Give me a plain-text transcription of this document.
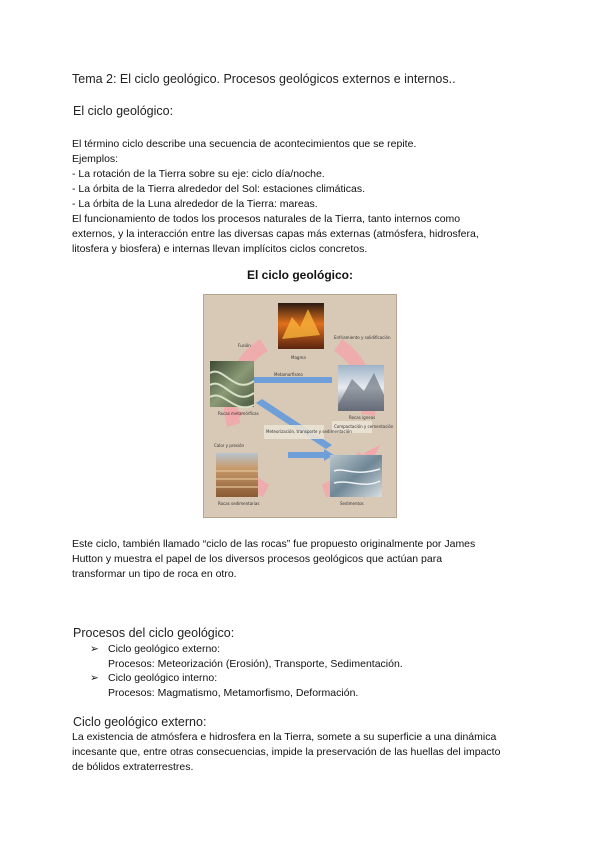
Tema 2: El ciclo geológico. Procesos geológicos externos e internos..
El ciclo geológico:
El término ciclo describe una secuencia de acontecimientos que se repite.
Ejemplos:
- La rotación de la Tierra sobre su eje: ciclo día/noche.
- La órbita de la Tierra alrededor del Sol: estaciones climáticas.
- La órbita de la Luna alrededor de la Tierra: mareas.
El funcionamiento de todos los procesos naturales de la Tierra, tanto internos como
externos, y la interacción entre las diversas capas más externas (atmósfera, hidrosfera,
litosfera y biosfera) e internas llevan implícitos ciclos concretos.
El ciclo geológico:
Magma
Rocas ígneas
Sedimentos
Rocas sedimentarias
Rocas metamórficas
Fusión
Enfriamiento y solidificación
Metamorfismo
Meteorización, transporte y sedimentación
Compactación y cementación
Calor y presión
Este ciclo, también llamado “ciclo de las rocas” fue propuesto originalmente por James
Hutton y muestra el papel de los diversos procesos geológicos que actúan para
transformar un tipo de roca en otro.
Procesos del ciclo geológico:
➢ Ciclo geológico externo:
Procesos: Meteorización (Erosión), Transporte, Sedimentación.
➢ Ciclo geológico interno:
Procesos: Magmatismo, Metamorfismo, Deformación.
Ciclo geológico externo:
La existencia de atmósfera e hidrosfera en la Tierra, somete a su superficie a una dinámica
incesante que, entre otras consecuencias, impide la preservación de las huellas del impacto
de bólidos extraterrestres.
